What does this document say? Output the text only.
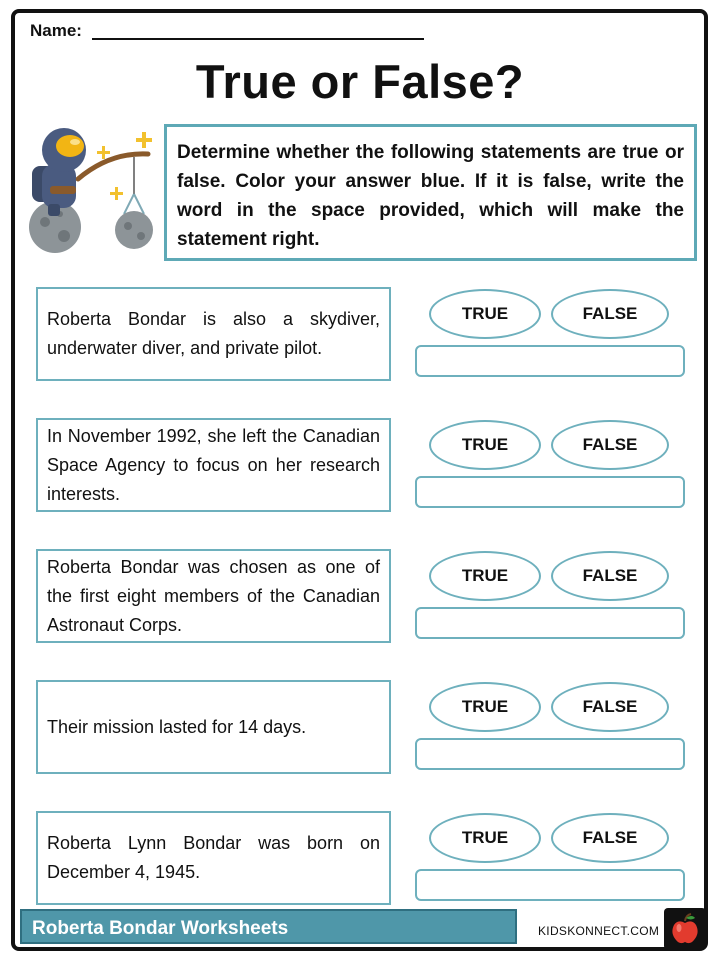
Name:
True or False?
Determine whether the following statements are true or false. Color your answer blue. If it is false, write the word in the space provided, which will make the statement right.
Roberta Bondar is also a skydiver, underwater diver, and private pilot.
TRUE	FALSE
In November 1992, she left the Canadian Space Agency to focus on her research interests.
TRUE	FALSE
Roberta Bondar was chosen as one of the first eight members of the Canadian Astronaut Corps.
TRUE	FALSE
Their mission lasted for 14 days.
TRUE	FALSE
Roberta Lynn Bondar was born on December 4, 1945.
TRUE	FALSE
Roberta Bondar Worksheets	KIDSKONNECT.COM
